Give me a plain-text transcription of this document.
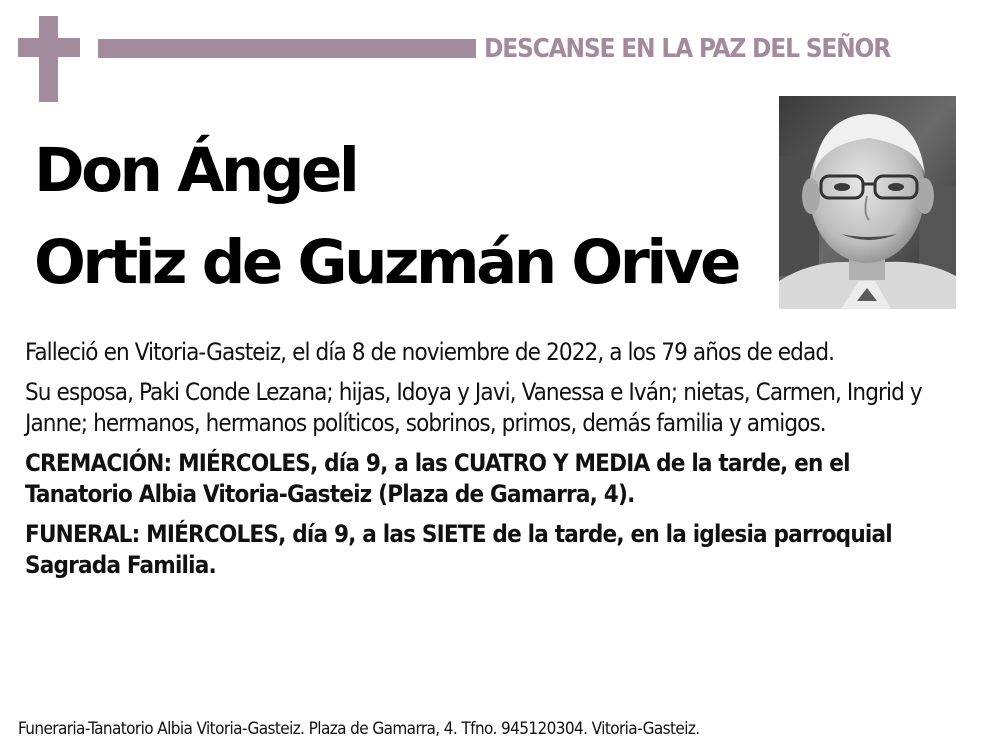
DESCANSE EN LA PAZ DEL SEÑOR
Don Ángel
Ortiz de Guzmán Orive

Falleció en Vitoria-Gasteiz, el día 8 de noviembre de 2022, a los 79 años de edad.

Su esposa, Paki Conde Lezana; hijas, Idoya y Javi, Vanessa e Iván; nietas, Carmen, Ingrid y Janne; hermanos, hermanos políticos, sobrinos, primos, demás familia y amigos.

CREMACIÓN: MIÉRCOLES, día 9, a las CUATRO Y MEDIA de la tarde, en el Tanatorio Albia Vitoria-Gasteiz (Plaza de Gamarra, 4).

FUNERAL: MIÉRCOLES, día 9, a las SIETE de la tarde, en la iglesia parroquial Sagrada Familia.

Funeraria-Tanatorio Albia Vitoria-Gasteiz. Plaza de Gamarra, 4. Tfno. 945120304. Vitoria-Gasteiz.
